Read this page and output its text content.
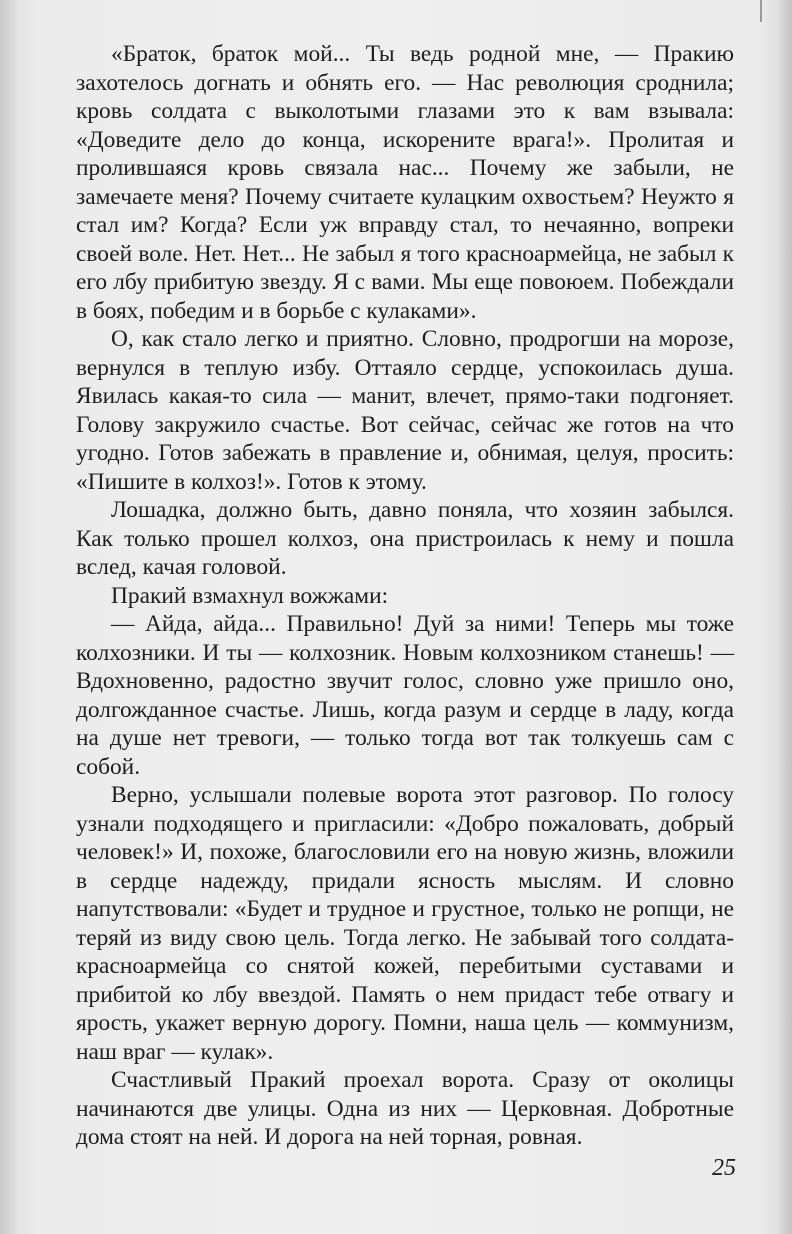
«Браток, браток мой... Ты ведь родной мне, — Пракию захотелось догнать и обнять его. — Нас революция сроднила; кровь солдата с выколотыми глазами это к вам взывала: «Доведите дело до конца, искорените врага!». Пролитая и пролившаяся кровь связала нас... Почему же забыли, не замечаете меня? Почему считаете кулацким охвостьем? Неужто я стал им? Когда? Если уж вправду стал, то нечаянно, вопреки своей воле. Нет. Нет... Не забыл я того красноармейца, не забыл к его лбу прибитую звезду. Я с вами. Мы еще повоюем. Побеждали в боях, победим и в борьбе с кулаками».

О, как стало легко и приятно. Словно, продрогши на морозе, вернулся в теплую избу. Оттаяло сердце, успокоилась душа. Явилась какая-то сила — манит, влечет, прямо-таки подгоняет. Голову закружило счастье. Вот сейчас, сейчас же готов на что угодно. Готов забежать в правление и, обнимая, целуя, просить: «Пишите в колхоз!». Готов к этому.

Лошадка, должно быть, давно поняла, что хозяин забылся. Как только прошел колхоз, она пристроилась к нему и пошла вслед, качая головой.

Пракий взмахнул вожжами:

— Айда, айда... Правильно! Дуй за ними! Теперь мы тоже колхозники. И ты — колхозник. Новым колхозником станешь! — Вдохновенно, радостно звучит голос, словно уже пришло оно, долгожданное счастье. Лишь, когда разум и сердце в ладу, когда на душе нет тревоги, — только тогда вот так толкуешь сам с собой.

Верно, услышали полевые ворота этот разговор. По голосу узнали подходящего и пригласили: «Добро пожаловать, добрый человек!» И, похоже, благословили его на новую жизнь, вложили в сердце надежду, придали ясность мыслям. И словно напутствовали: «Будет и трудное и грустное, только не ропщи, не теряй из виду свою цель. Тогда легко. Не забывай того солдата-красноармейца со снятой кожей, перебитыми суставами и прибитой ко лбу ввездой. Память о нем придаст тебе отвагу и ярость, укажет верную дорогу. Помни, наша цель — коммунизм, наш враг — кулак».

Счастливый Пракий проехал ворота. Сразу от околицы начинаются две улицы. Одна из них — Церковная. Добротные дома стоят на ней. И дорога на ней торная, ровная.

25
